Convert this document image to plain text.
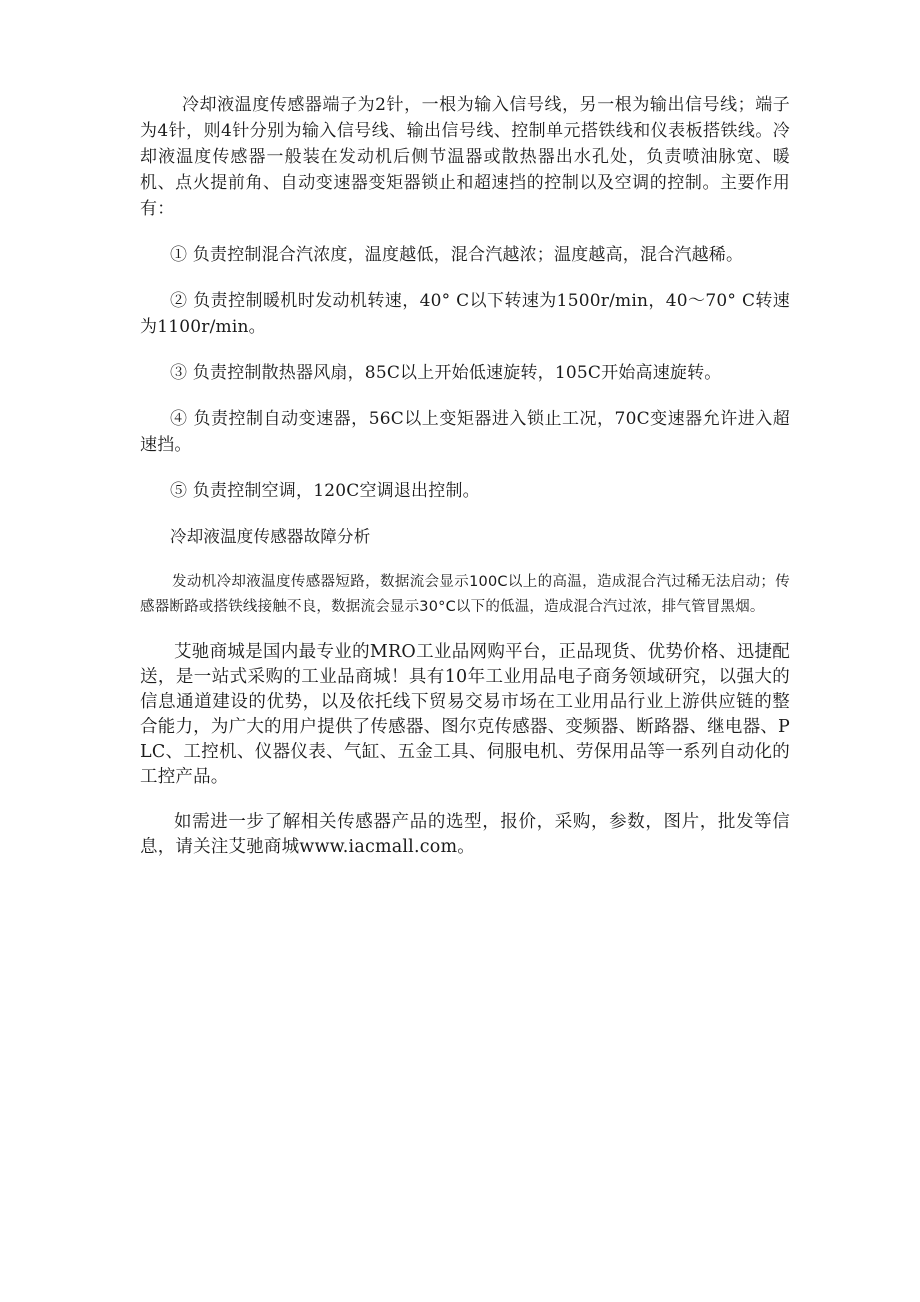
冷却液温度传感器端子为2针，一根为输入信号线，另一根为输出信号线；端子为4针，则4针分别为输入信号线、输出信号线、控制单元搭铁线和仪表板搭铁线。冷却液温度传感器一般装在发动机后侧节温器或散热器出水孔处，负责喷油脉宽、暖机、点火提前角、自动变速器变矩器锁止和超速挡的控制以及空调的控制。主要作用有：

① 负责控制混合汽浓度，温度越低，混合汽越浓；温度越高，混合汽越稀。

② 负责控制暖机时发动机转速，40° C以下转速为1500r/min，40～70° C转速为1100r/min。

③ 负责控制散热器风扇，85C以上开始低速旋转，105C开始高速旋转。

④ 负责控制自动变速器，56C以上变矩器进入锁止工况，70C变速器允许进入超速挡。

⑤ 负责控制空调，120C空调退出控制。

冷却液温度传感器故障分析

发动机冷却液温度传感器短路，数据流会显示100C以上的高温，造成混合汽过稀无法启动；传感器断路或搭铁线接触不良，数据流会显示30°C以下的低温，造成混合汽过浓，排气管冒黑烟。

艾驰商城是国内最专业的MRO工业品网购平台，正品现货、优势价格、迅捷配送，是一站式采购的工业品商城！具有10年工业用品电子商务领域研究，以强大的信息通道建设的优势，以及依托线下贸易交易市场在工业用品行业上游供应链的整合能力，为广大的用户提供了传感器、图尔克传感器、变频器、断路器、继电器、PLC、工控机、仪器仪表、气缸、五金工具、伺服电机、劳保用品等一系列自动化的工控产品。

如需进一步了解相关传感器产品的选型，报价，采购，参数，图片，批发等信息，请关注艾驰商城www.iacmall.com。
